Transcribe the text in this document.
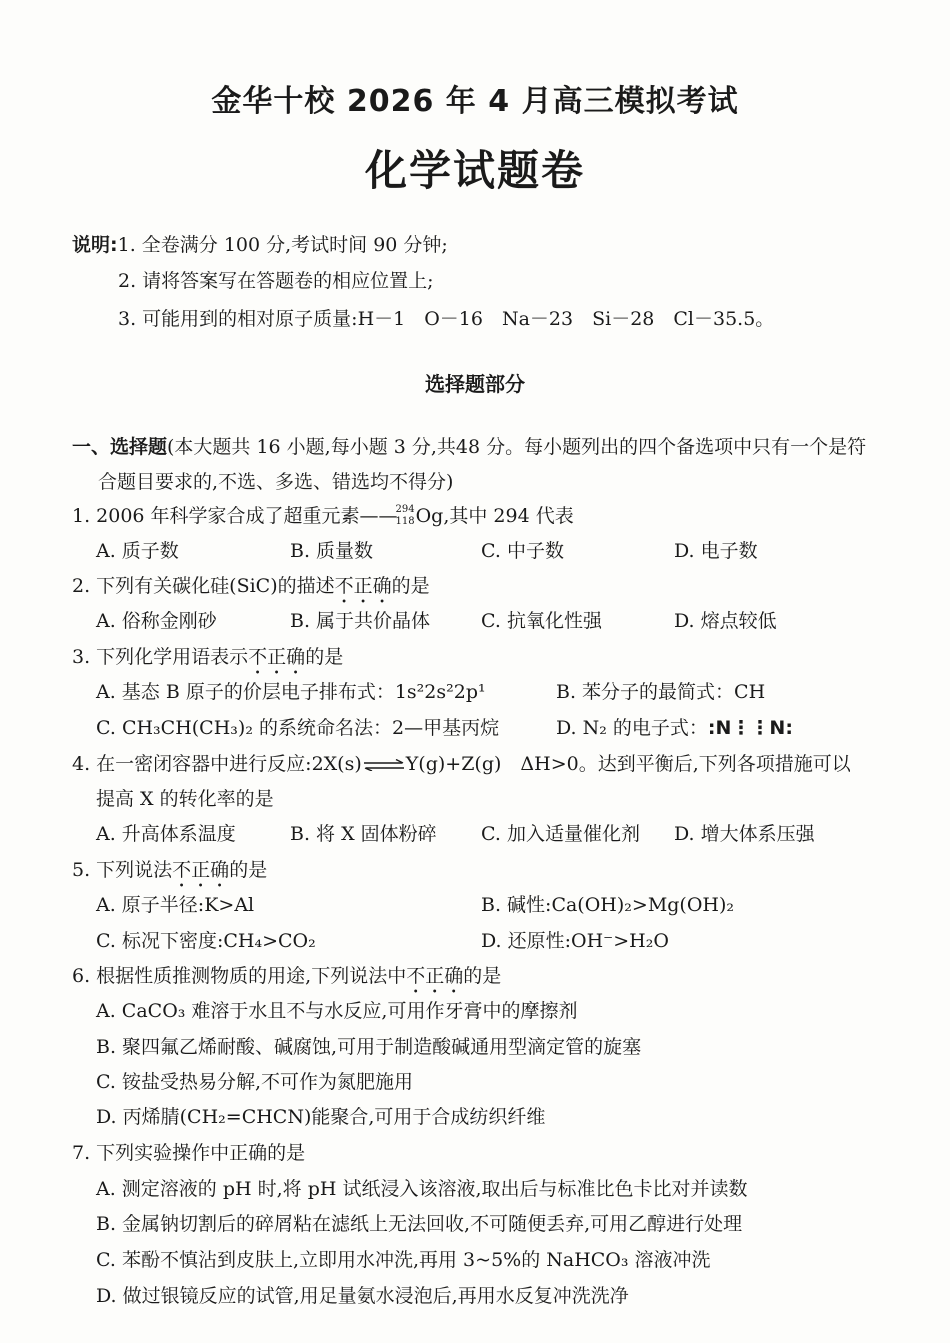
金华十校 2026 年 4 月高三模拟考试
化学试题卷
说明:1. 全卷满分 100 分,考试时间 90 分钟;
2. 请将答案写在答题卷的相应位置上;
3. 可能用到的相对原子质量:H－1　O－16　Na－23　Si－28　Cl－35.5。
选择题部分
一、选择题(本大题共 16 小题,每小题 3 分,共48 分。每小题列出的四个备选项中只有一个是符
合题目要求的,不选、多选、错选均不得分)
1. 2006 年科学家合成了超重元素——
294
118 Og,其中 294 代表
A. 质子数	B. 质量数	C. 中子数	D. 电子数
2. 下列有关碳化硅(SiC)的描述不正确的是
A. 俗称金刚砂	B. 属于共价晶体	C. 抗氧化性强	D. 熔点较低
3. 下列化学用语表示不正确的是
A. 基态 B 原子的价层电子排布式：1s²2s²2p¹	B. 苯分子的最简式：CH
C. CH₃CH(CH₃)₂ 的系统命名法：2—甲基丙烷	D. N₂ 的电子式：:N⋮⋮N:
4. 在一密闭容器中进行反应:2X(s)⇌Y(g)+Z(g)　ΔH>0。达到平衡后,下列各项措施可以
提高 X 的转化率的是
A. 升高体系温度	B. 将 X 固体粉碎 C. 加入适量催化剂 D. 增大体系压强
5. 下列说法不正确的是
A. 原子半径:K>Al	B. 碱性:Ca(OH)₂>Mg(OH)₂
C. 标况下密度:CH₄>CO₂	D. 还原性:OH⁻>H₂O
6. 根据性质推测物质的用途,下列说法中不正确的是
A. CaCO₃ 难溶于水且不与水反应,可用作牙膏中的摩擦剂
B. 聚四氟乙烯耐酸、碱腐蚀,可用于制造酸碱通用型滴定管的旋塞
C. 铵盐受热易分解,不可作为氮肥施用
D. 丙烯腈(CH₂=CHCN)能聚合,可用于合成纺织纤维
7. 下列实验操作中正确的是
A. 测定溶液的 pH 时,将 pH 试纸浸入该溶液,取出后与标准比色卡比对并读数
B. 金属钠切割后的碎屑粘在滤纸上无法回收,不可随便丢弃,可用乙醇进行处理
C. 苯酚不慎沾到皮肤上,立即用水冲洗,再用 3~5%的 NaHCO₃ 溶液冲洗
D. 做过银镜反应的试管,用足量氨水浸泡后,再用水反复冲洗洗净
